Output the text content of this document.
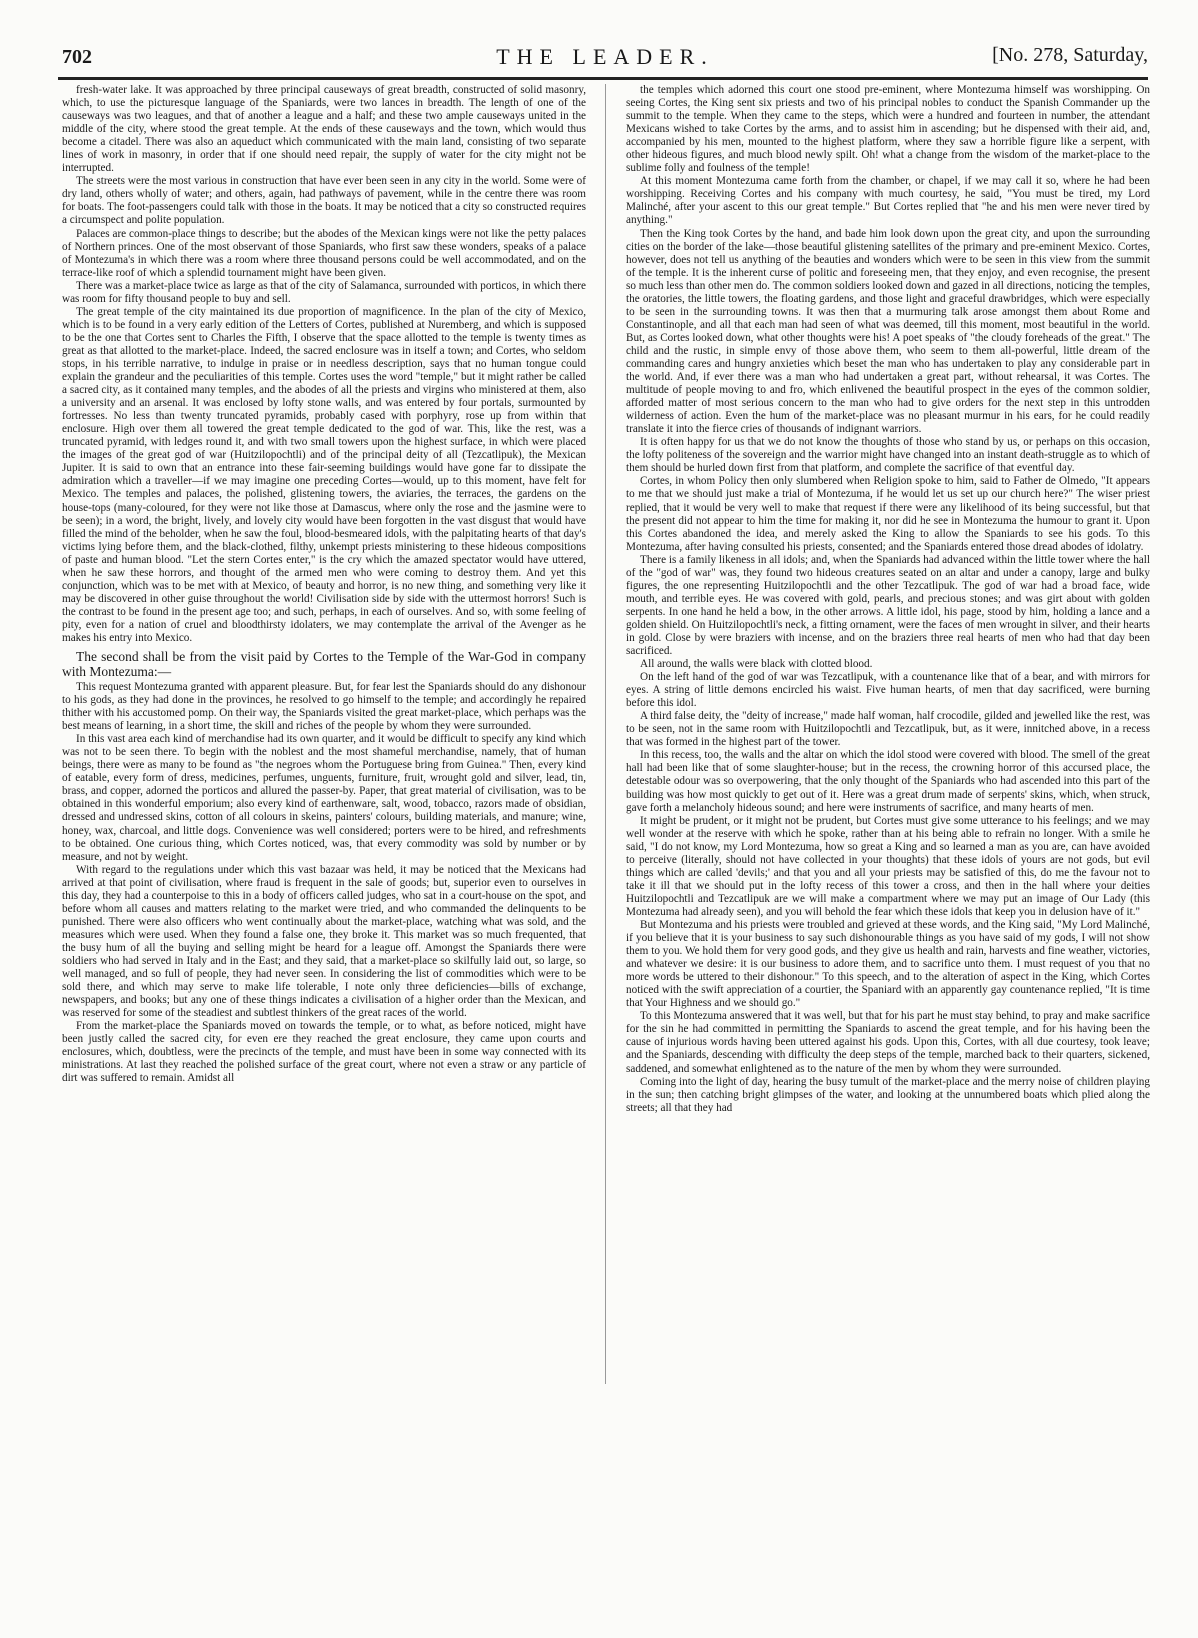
702	THE LEADER.	[No. 278, Saturday,

fresh-water lake. It was approached by three principal causeways of great breadth, constructed of solid masonry, which, to use the picturesque language of the Spaniards, were two lances in breadth. The length of one of the causeways was two leagues, and that of another a league and a half; and these two ample causeways united in the middle of the city, where stood the great temple. At the ends of these causeways and the town, which would thus become a citadel. There was also an aqueduct which communicated with the main land, consisting of two separate lines of work in masonry, in order that if one should need repair, the supply of water for the city might not be interrupted.

The streets were the most various in construction that have ever been seen in any city in the world. Some were of dry land, others wholly of water; and others, again, had pathways of pavement, while in the centre there was room for boats. The foot-passengers could talk with those in the boats. It may be noticed that a city so constructed requires a circumspect and polite population.

Palaces are common-place things to describe; but the abodes of the Mexican kings were not like the petty palaces of Northern princes. One of the most observant of those Spaniards, who first saw these wonders, speaks of a palace of Montezuma's in which there was a room where three thousand persons could be well accommodated, and on the terrace-like roof of which a splendid tournament might have been given.

There was a market-place twice as large as that of the city of Salamanca, surrounded with porticos, in which there was room for fifty thousand people to buy and sell.

The great temple of the city maintained its due proportion of magnificence. In the plan of the city of Mexico, which is to be found in a very early edition of the Letters of Cortes, published at Nuremberg, and which is supposed to be the one that Cortes sent to Charles the Fifth, I observe that the space allotted to the temple is twenty times as great as that allotted to the market-place. Indeed, the sacred enclosure was in itself a town; and Cortes, who seldom stops, in his terrible narrative, to indulge in praise or in needless description, says that no human tongue could explain the grandeur and the peculiarities of this temple. Cortes uses the word "temple," but it might rather be called a sacred city, as it contained many temples, and the abodes of all the priests and virgins who ministered at them, also a university and an arsenal. It was enclosed by lofty stone walls, and was entered by four portals, surmounted by fortresses. No less than twenty truncated pyramids, probably cased with porphyry, rose up from within that enclosure. High over them all towered the great temple dedicated to the god of war. This, like the rest, was a truncated pyramid, with ledges round it, and with two small towers upon the highest surface, in which were placed the images of the great god of war (Huitzilopochtli) and of the principal deity of all (Tezcatlipuk), the Mexican Jupiter. It is said to own that an entrance into these fair-seeming buildings would have gone far to dissipate the admiration which a traveller—if we may imagine one preceding Cortes—would, up to this moment, have felt for Mexico. The temples and palaces, the polished, glistening towers, the aviaries, the terraces, the gardens on the house-tops (many-coloured, for they were not like those at Damascus, where only the rose and the jasmine were to be seen); in a word, the bright, lively, and lovely city would have been forgotten in the vast disgust that would have filled the mind of the beholder, when he saw the foul, blood-besmeared idols, with the palpitating hearts of that day's victims lying before them, and the black-clothed, filthy, unkempt priests ministering to these hideous compositions of paste and human blood. "Let the stern Cortes enter," is the cry which the amazed spectator would have uttered, when he saw these horrors, and thought of the armed men who were coming to destroy them. And yet this conjunction, which was to be met with at Mexico, of beauty and horror, is no new thing, and something very like it may be discovered in other guise throughout the world! Civilisation side by side with the uttermost horrors! Such is the contrast to be found in the present age too; and such, perhaps, in each of ourselves. And so, with some feeling of pity, even for a nation of cruel and bloodthirsty idolaters, we may contemplate the arrival of the Avenger as he makes his entry into Mexico.

The second shall be from the visit paid by Cortes to the Temple of the War-God in company with Montezuma:—

This request Montezuma granted with apparent pleasure. But, for fear lest the Spaniards should do any dishonour to his gods, as they had done in the provinces, he resolved to go himself to the temple; and accordingly he repaired thither with his accustomed pomp. On their way, the Spaniards visited the great market-place, which perhaps was the best means of learning, in a short time, the skill and riches of the people by whom they were surrounded.

In this vast area each kind of merchandise had its own quarter, and it would be difficult to specify any kind which was not to be seen there. To begin with the noblest and the most shameful merchandise, namely, that of human beings, there were as many to be found as "the negroes whom the Portuguese bring from Guinea." Then, every kind of eatable, every form of dress, medicines, perfumes, unguents, furniture, fruit, wrought gold and silver, lead, tin, brass, and copper, adorned the porticos and allured the passer-by. Paper, that great material of civilisation, was to be obtained in this wonderful emporium; also every kind of earthenware, salt, wood, tobacco, razors made of obsidian, dressed and undressed skins, cotton of all colours in skeins, painters' colours, building materials, and manure; wine, honey, wax, charcoal, and little dogs. Convenience was well considered; porters were to be hired, and refreshments to be obtained. One curious thing, which Cortes noticed, was, that every commodity was sold by number or by measure, and not by weight.

With regard to the regulations under which this vast bazaar was held, it may be noticed that the Mexicans had arrived at that point of civilisation, where fraud is frequent in the sale of goods; but, superior even to ourselves in this day, they had a counterpoise to this in a body of officers called judges, who sat in a court-house on the spot, and before whom all causes and matters relating to the market were tried, and who commanded the delinquents to be punished. There were also officers who went continually about the market-place, watching what was sold, and the measures which were used. When they found a false one, they broke it. This market was so much frequented, that the busy hum of all the buying and selling might be heard for a league off. Amongst the Spaniards there were soldiers who had served in Italy and in the East; and they said, that a market-place so skilfully laid out, so large, so well managed, and so full of people, they had never seen. In considering the list of commodities which were to be sold there, and which may serve to make life tolerable, I note only three deficiencies—bills of exchange, newspapers, and books; but any one of these things indicates a civilisation of a higher order than the Mexican, and was reserved for some of the steadiest and subtlest thinkers of the great races of the world.

From the market-place the Spaniards moved on towards the temple, or to what, as before noticed, might have been justly called the sacred city, for even ere they reached the great enclosure, they came upon courts and enclosures, which, doubtless, were the precincts of the temple, and must have been in some way connected with its ministrations. At last they reached the polished surface of the great court, where not even a straw or any particle of dirt was suffered to remain. Amidst all

the temples which adorned this court one stood pre-eminent, where Montezuma himself was worshipping. On seeing Cortes, the King sent six priests and two of his principal nobles to conduct the Spanish Commander up the summit to the temple. When they came to the steps, which were a hundred and fourteen in number, the attendant Mexicans wished to take Cortes by the arms, and to assist him in ascending; but he dispensed with their aid, and, accompanied by his men, mounted to the highest platform, where they saw a horrible figure like a serpent, with other hideous figures, and much blood newly spilt. Oh! what a change from the wisdom of the market-place to the sublime folly and foulness of the temple!

At this moment Montezuma came forth from the chamber, or chapel, if we may call it so, where he had been worshipping. Receiving Cortes and his company with much courtesy, he said, "You must be tired, my Lord Malinché, after your ascent to this our great temple." But Cortes replied that "he and his men were never tired by anything."

Then the King took Cortes by the hand, and bade him look down upon the great city, and upon the surrounding cities on the border of the lake—those beautiful glistening satellites of the primary and pre-eminent Mexico. Cortes, however, does not tell us anything of the beauties and wonders which were to be seen in this view from the summit of the temple. It is the inherent curse of politic and foreseeing men, that they enjoy, and even recognise, the present so much less than other men do. The common soldiers looked down and gazed in all directions, noticing the temples, the oratories, the little towers, the floating gardens, and those light and graceful drawbridges, which were especially to be seen in the surrounding towns. It was then that a murmuring talk arose amongst them about Rome and Constantinople, and all that each man had seen of what was deemed, till this moment, most beautiful in the world. But, as Cortes looked down, what other thoughts were his! A poet speaks of "the cloudy foreheads of the great." The child and the rustic, in simple envy of those above them, who seem to them all-powerful, little dream of the commanding cares and hungry anxieties which beset the man who has undertaken to play any considerable part in the world. And, if ever there was a man who had undertaken a great part, without rehearsal, it was Cortes. The multitude of people moving to and fro, which enlivened the beautiful prospect in the eyes of the common soldier, afforded matter of most serious concern to the man who had to give orders for the next step in this untrodden wilderness of action. Even the hum of the market-place was no pleasant murmur in his ears, for he could readily translate it into the fierce cries of thousands of indignant warriors.

It is often happy for us that we do not know the thoughts of those who stand by us, or perhaps on this occasion, the lofty politeness of the sovereign and the warrior might have changed into an instant death-struggle as to which of them should be hurled down first from that platform, and complete the sacrifice of that eventful day.

Cortes, in whom Policy then only slumbered when Religion spoke to him, said to Father de Olmedo, "It appears to me that we should just make a trial of Montezuma, if he would let us set up our church here?" The wiser priest replied, that it would be very well to make that request if there were any likelihood of its being successful, but that the present did not appear to him the time for making it, nor did he see in Montezuma the humour to grant it. Upon this Cortes abandoned the idea, and merely asked the King to allow the Spaniards to see his gods. To this Montezuma, after having consulted his priests, consented; and the Spaniards entered those dread abodes of idolatry.

There is a family likeness in all idols; and, when the Spaniards had advanced within the little tower where the hall of the "god of war" was, they found two hideous creatures seated on an altar and under a canopy, large and bulky figures, the one representing Huitzilopochtli and the other Tezcatlipuk. The god of war had a broad face, wide mouth, and terrible eyes. He was covered with gold, pearls, and precious stones; and was girt about with golden serpents. In one hand he held a bow, in the other arrows. A little idol, his page, stood by him, holding a lance and a golden shield. On Huitzilopochtli's neck, a fitting ornament, were the faces of men wrought in silver, and their hearts in gold. Close by were braziers with incense, and on the braziers three real hearts of men who had that day been sacrificed.

All around, the walls were black with clotted blood.

On the left hand of the god of war was Tezcatlipuk, with a countenance like that of a bear, and with mirrors for eyes. A string of little demons encircled his waist. Five human hearts, of men that day sacrificed, were burning before this idol.

A third false deity, the "deity of increase," made half woman, half crocodile, gilded and jewelled like the rest, was to be seen, not in the same room with Huitzilopochtli and Tezcatlipuk, but, as it were, innitched above, in a recess that was formed in the highest part of the tower.

In this recess, too, the walls and the altar on which the idol stood were covered with blood. The smell of the great hall had been like that of some slaughter-house; but in the recess, the crowning horror of this accursed place, the detestable odour was so overpowering, that the only thought of the Spaniards who had ascended into this part of the building was how most quickly to get out of it. Here was a great drum made of serpents' skins, which, when struck, gave forth a melancholy hideous sound; and here were instruments of sacrifice, and many hearts of men.

It might be prudent, or it might not be prudent, but Cortes must give some utterance to his feelings; and we may well wonder at the reserve with which he spoke, rather than at his being able to refrain no longer. With a smile he said, "I do not know, my Lord Montezuma, how so great a King and so learned a man as you are, can have avoided to perceive (literally, should not have collected in your thoughts) that these idols of yours are not gods, but evil things which are called 'devils;' and that you and all your priests may be satisfied of this, do me the favour not to take it ill that we should put in the lofty recess of this tower a cross, and then in the hall where your deities Huitzilopochtli and Tezcatlipuk are we will make a compartment where we may put an image of Our Lady (this Montezuma had already seen), and you will behold the fear which these idols that keep you in delusion have of it."

But Montezuma and his priests were troubled and grieved at these words, and the King said, "My Lord Malinché, if you believe that it is your business to say such dishonourable things as you have said of my gods, I will not show them to you. We hold them for very good gods, and they give us health and rain, harvests and fine weather, victories, and whatever we desire: it is our business to adore them, and to sacrifice unto them. I must request of you that no more words be uttered to their dishonour." To this speech, and to the alteration of aspect in the King, which Cortes noticed with the swift appreciation of a courtier, the Spaniard with an apparently gay countenance replied, "It is time that Your Highness and we should go."

To this Montezuma answered that it was well, but that for his part he must stay behind, to pray and make sacrifice for the sin he had committed in permitting the Spaniards to ascend the great temple, and for his having been the cause of injurious words having been uttered against his gods. Upon this, Cortes, with all due courtesy, took leave; and the Spaniards, descending with difficulty the deep steps of the temple, marched back to their quarters, sickened, saddened, and somewhat enlightened as to the nature of the men by whom they were surrounded.

Coming into the light of day, hearing the busy tumult of the market-place and the merry noise of children playing in the sun; then catching bright glimpses of the water, and looking at the unnumbered boats which plied along the streets; all that they had
